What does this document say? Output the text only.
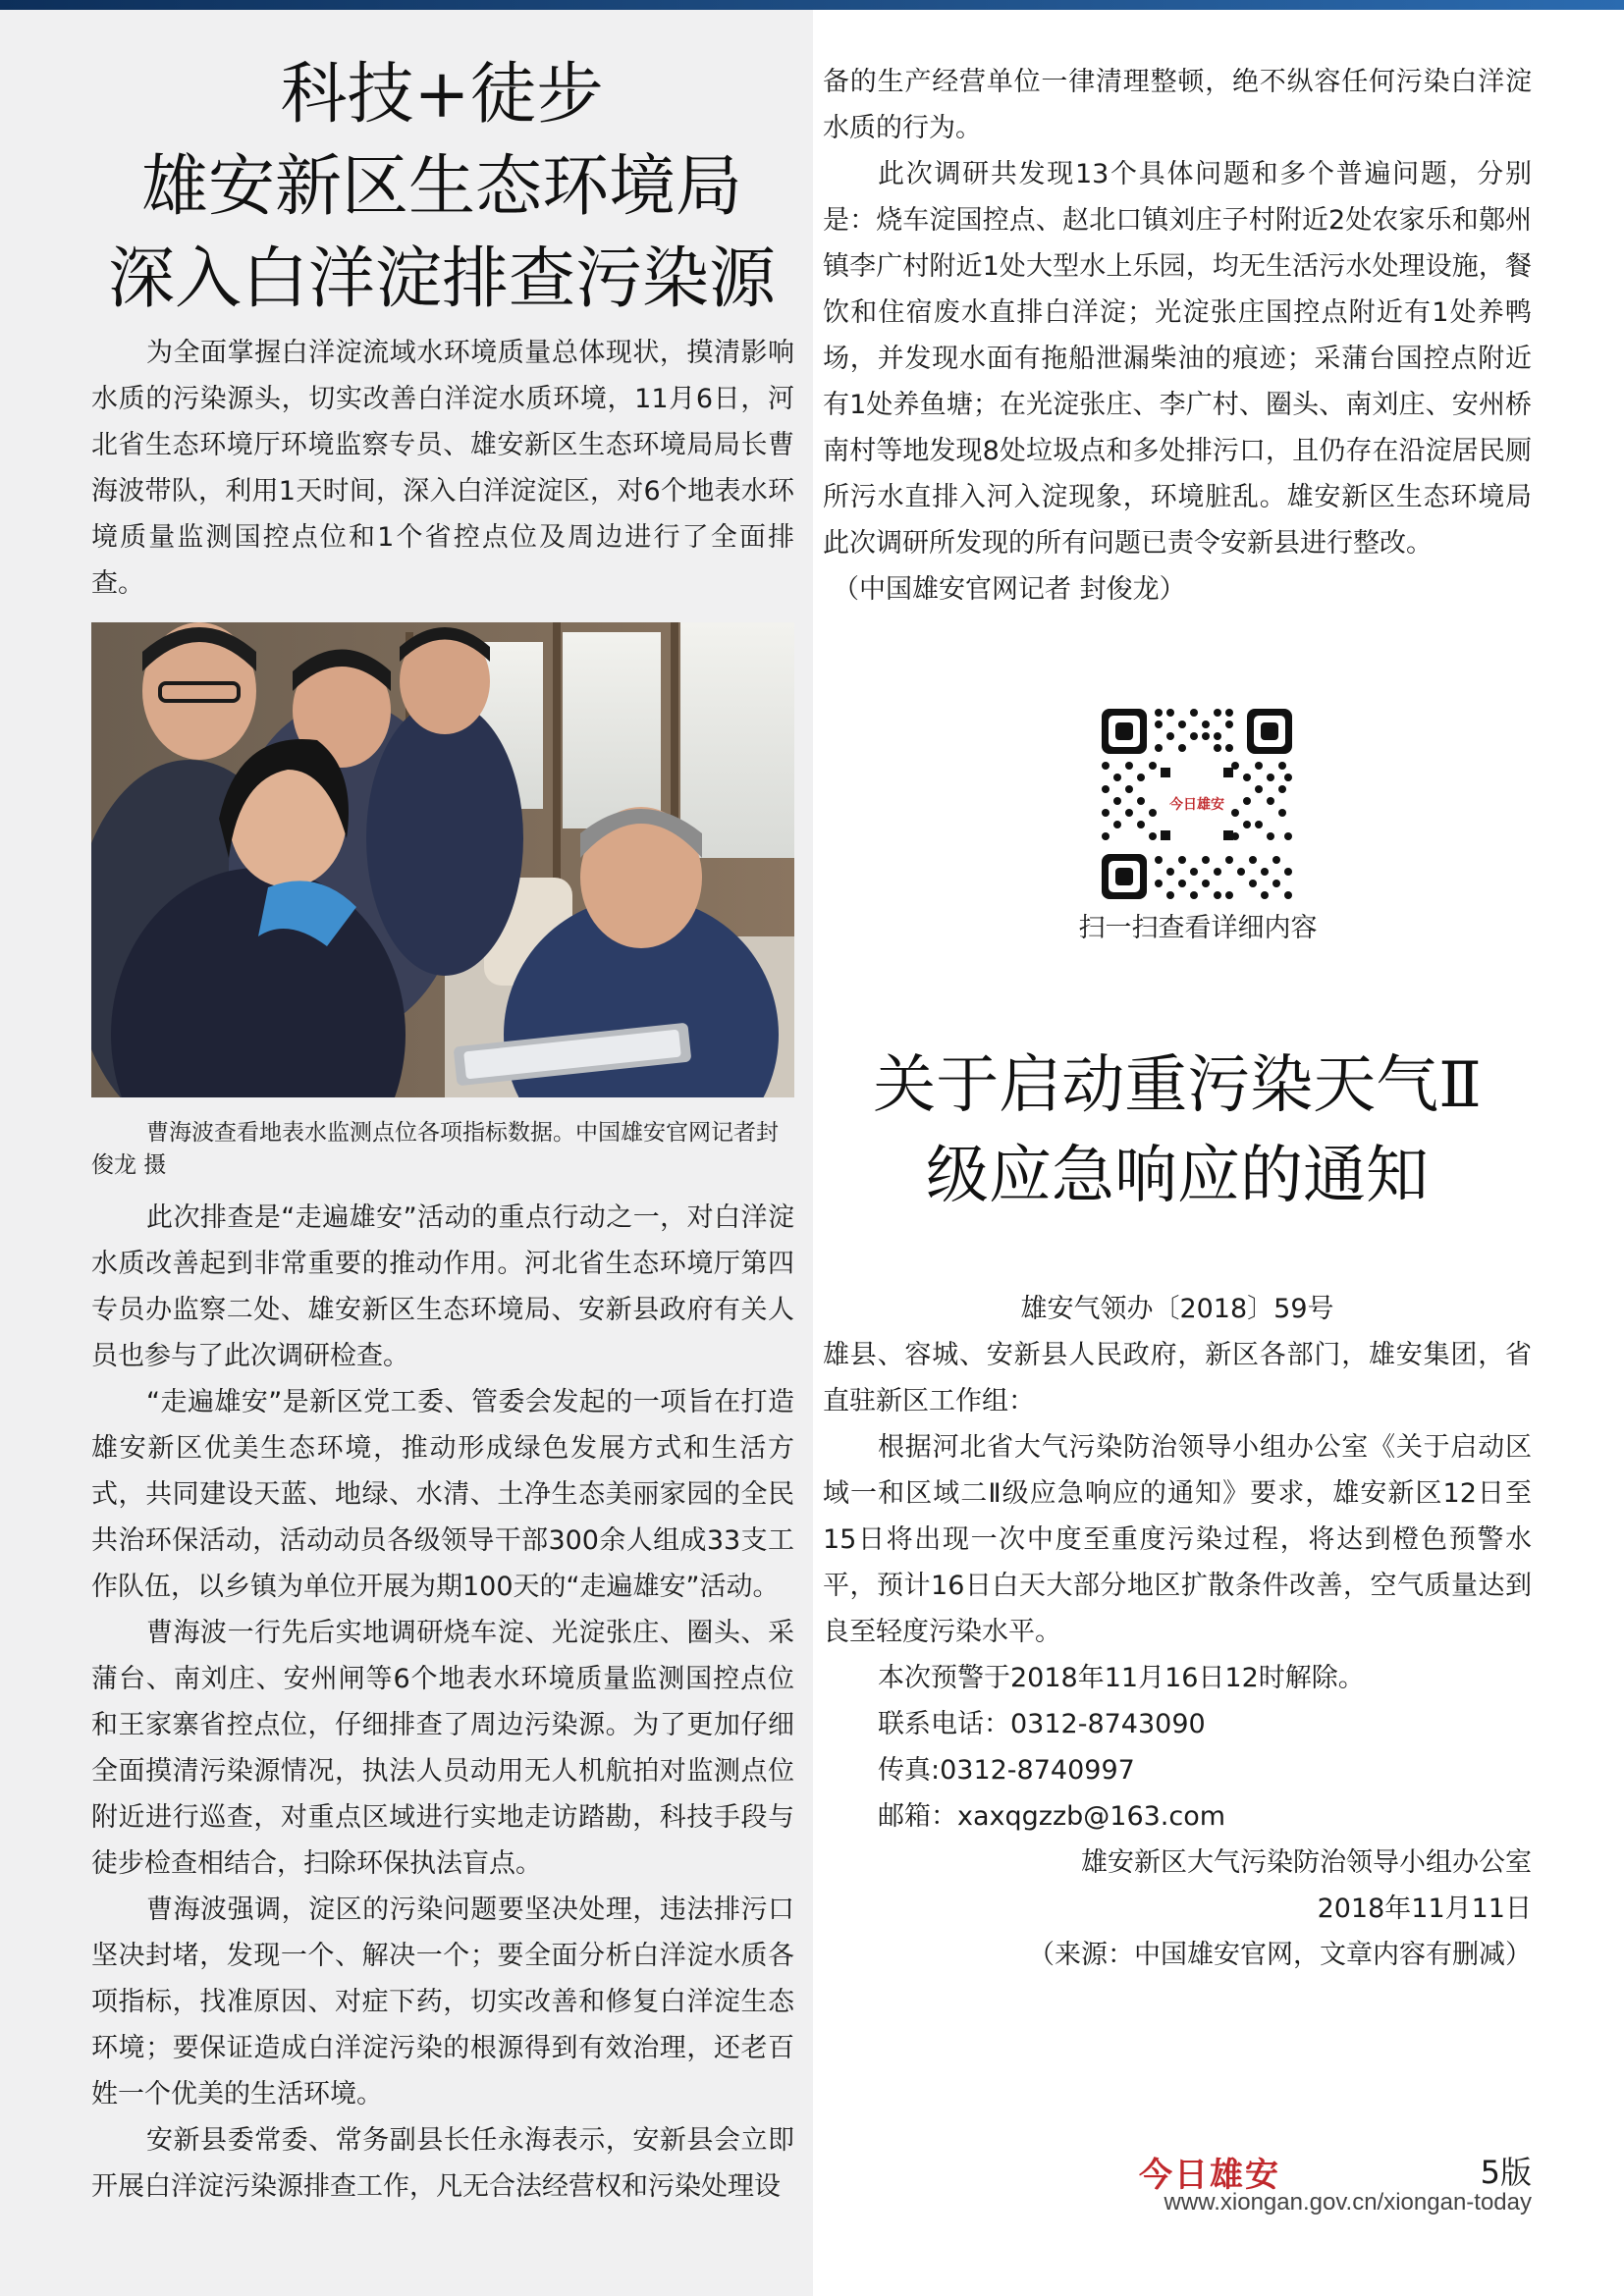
科技+徒步
雄安新区生态环境局
深入白洋淀排查污染源

为全面掌握白洋淀流域水环境质量总体现状，摸清影响水质的污染源头，切实改善白洋淀水质环境，11月6日，河北省生态环境厅环境监察专员、雄安新区生态环境局局长曹海波带队，利用1天时间，深入白洋淀淀区，对6个地表水环境质量监测国控点位和1个省控点位及周边进行了全面排查。

曹海波查看地表水监测点位各项指标数据。中国雄安官网记者封俊龙 摄

此次排查是“走遍雄安”活动的重点行动之一，对白洋淀水质改善起到非常重要的推动作用。河北省生态环境厅第四专员办监察二处、雄安新区生态环境局、安新县政府有关人员也参与了此次调研检查。

“走遍雄安”是新区党工委、管委会发起的一项旨在打造雄安新区优美生态环境，推动形成绿色发展方式和生活方式，共同建设天蓝、地绿、水清、土净生态美丽家园的全民共治环保活动，活动动员各级领导干部300余人组成33支工作队伍，以乡镇为单位开展为期100天的“走遍雄安”活动。

曹海波一行先后实地调研烧车淀、光淀张庄、圈头、采蒲台、南刘庄、安州闸等6个地表水环境质量监测国控点位和王家寨省控点位，仔细排查了周边污染源。为了更加仔细全面摸清污染源情况，执法人员动用无人机航拍对监测点位附近进行巡查，对重点区域进行实地走访踏勘，科技手段与徒步检查相结合，扫除环保执法盲点。

曹海波强调，淀区的污染问题要坚决处理，违法排污口坚决封堵，发现一个、解决一个；要全面分析白洋淀水质各项指标，找准原因、对症下药，切实改善和修复白洋淀生态环境；要保证造成白洋淀污染的根源得到有效治理，还老百姓一个优美的生活环境。

安新县委常委、常务副县长任永海表示，安新县会立即开展白洋淀污染源排查工作，凡无合法经营权和污染处理设

备的生产经营单位一律清理整顿，绝不纵容任何污染白洋淀水质的行为。

此次调研共发现13个具体问题和多个普遍问题，分别是：烧车淀国控点、赵北口镇刘庄子村附近2处农家乐和鄚州镇李广村附近1处大型水上乐园，均无生活污水处理设施，餐饮和住宿废水直排白洋淀；光淀张庄国控点附近有1处养鸭场，并发现水面有拖船泄漏柴油的痕迹；采蒲台国控点附近有1处养鱼塘；在光淀张庄、李广村、圈头、南刘庄、安州桥南村等地发现8处垃圾点和多处排污口，且仍存在沿淀居民厕所污水直排入河入淀现象，环境脏乱。雄安新区生态环境局此次调研所发现的所有问题已责令安新县进行整改。

（中国雄安官网记者 封俊龙）

今日雄安
扫一扫查看详细内容
关于启动重污染天气Ⅱ
级应急响应的通知

雄安气领办〔2018〕59号

雄县、容城、安新县人民政府，新区各部门，雄安集团，省直驻新区工作组：

根据河北省大气污染防治领导小组办公室《关于启动区域一和区域二Ⅱ级应急响应的通知》要求，雄安新区12日至15日将出现一次中度至重度污染过程，将达到橙色预警水平，预计16日白天大部分地区扩散条件改善，空气质量达到良至轻度污染水平。

本次预警于2018年11月16日12时解除。

联系电话：0312-8743090

传真:0312-8740997

邮箱：xaxqgzzb@163.com

雄安新区大气污染防治领导小组办公室

2018年11月11日

（来源：中国雄安官网，文章内容有删减）

今日雄安	5版
www.xiongan.gov.cn/xiongan-today
